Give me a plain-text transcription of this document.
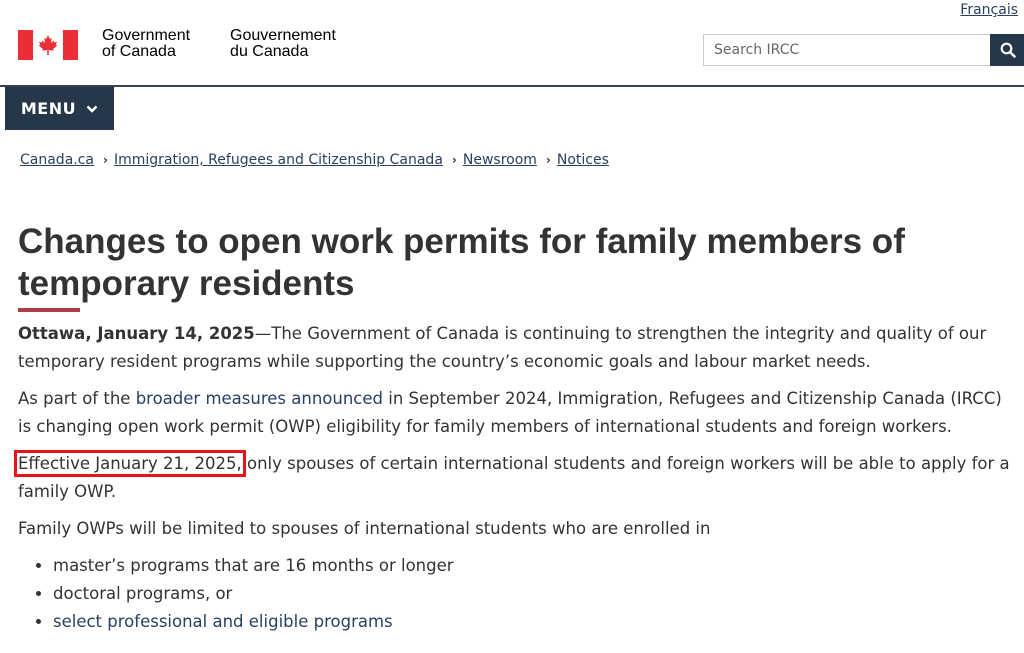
Français
Government
of Canada
Gouvernement
du Canada
Search IRCC
MENU
Canada.ca › Immigration, Refugees and Citizenship Canada › Newsroom › Notices
Changes to open work permits for family members of temporary residents

Ottawa, January 14, 2025—The Government of Canada is continuing to strengthen the integrity and quality of our temporary resident programs while supporting the country’s economic goals and labour market needs.

As part of the broader measures announced in September 2024, Immigration, Refugees and Citizenship Canada (IRCC) is changing open work permit (OWP) eligibility for family members of international students and foreign workers.

Effective January 21, 2025, only spouses of certain international students and foreign workers will be able to apply for a family OWP.

Family OWPs will be limited to spouses of international students who are enrolled in

• master’s programs that are 16 months or longer
• doctoral programs, or
• select professional and eligible programs
